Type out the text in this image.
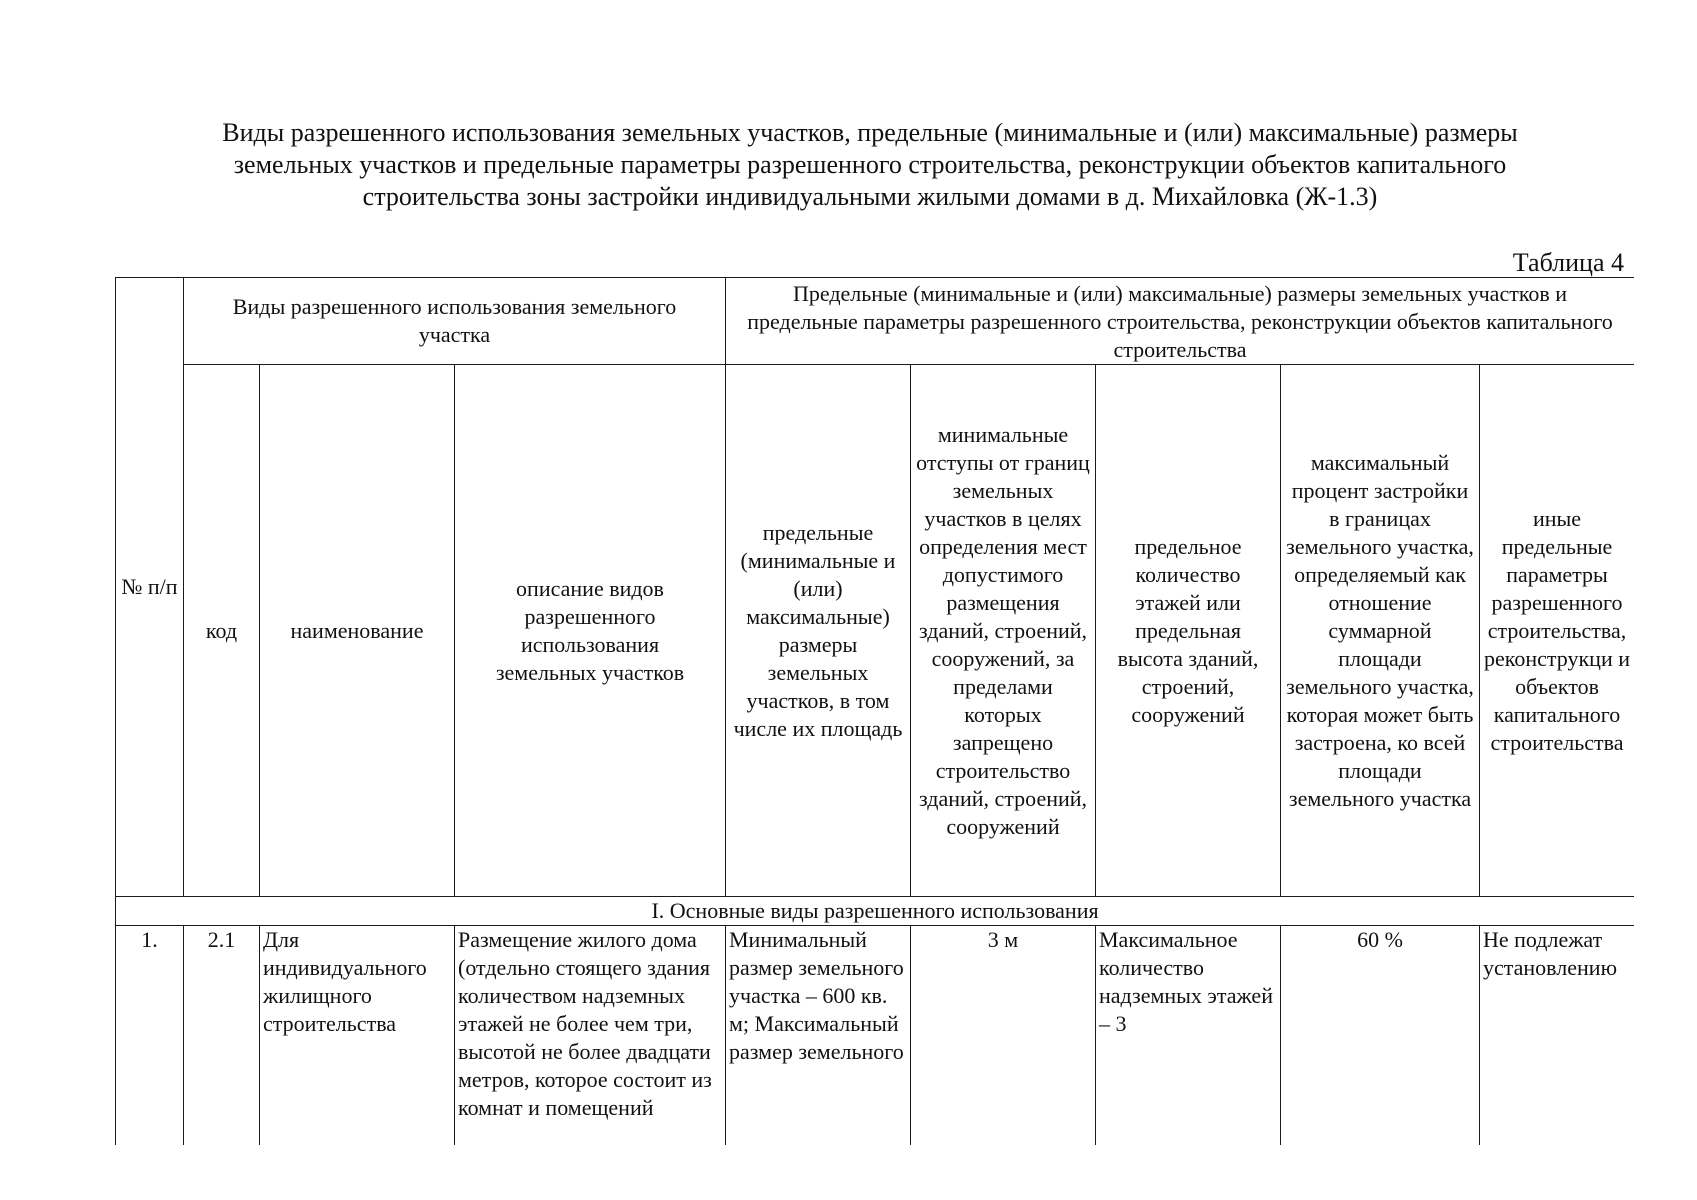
Виды разрешенного использования земельных участков, предельные (минимальные и (или) максимальные) размеры
земельных участков и предельные параметры разрешенного строительства, реконструкции объектов капитального
строительства зоны застройки индивидуальными жилыми домами в д. Михайловка (Ж-1.3)
Таблица 4
№ п/п	Виды разрешенного использования земельного участка			Предельные (минимальные и (или) максимальные) размеры земельных участков и предельные параметры разрешенного строительства, реконструкции объектов капитального строительства				

	код	наименование	описание видов разрешенного использования земельных участков	предельные (минимальные и (или) максимальные) размеры земельных участков, в том числе их площадь	минимальные отступы от границ земельных участков в целях определения мест допустимого размещения зданий, строений, сооружений, за пределами которых запрещено строительство зданий, строений, сооружений	предельное количество этажей или предельная высота зданий, строений, сооружений	максимальный процент застройки в границах земельного участка, определяемый как отношение суммарной площади земельного участка, которая может быть застроена, ко всей площади земельного участка	иные предельные параметры разрешенного строительства, реконструкци и объектов капитального строительства

I. Основные виды разрешенного использования								

1.	2.1	Для индивидуального жилищного строительства	Размещение жилого дома (отдельно стоящего здания количеством надземных этажей не более чем три, высотой не более двадцати метров, которое состоит из комнат и помещений	Минимальный размер земельного участка – 600 кв. м; Максимальный размер земельного	3 м	Максимальное количество надземных этажей – 3	60 %	Не подлежат установлению
